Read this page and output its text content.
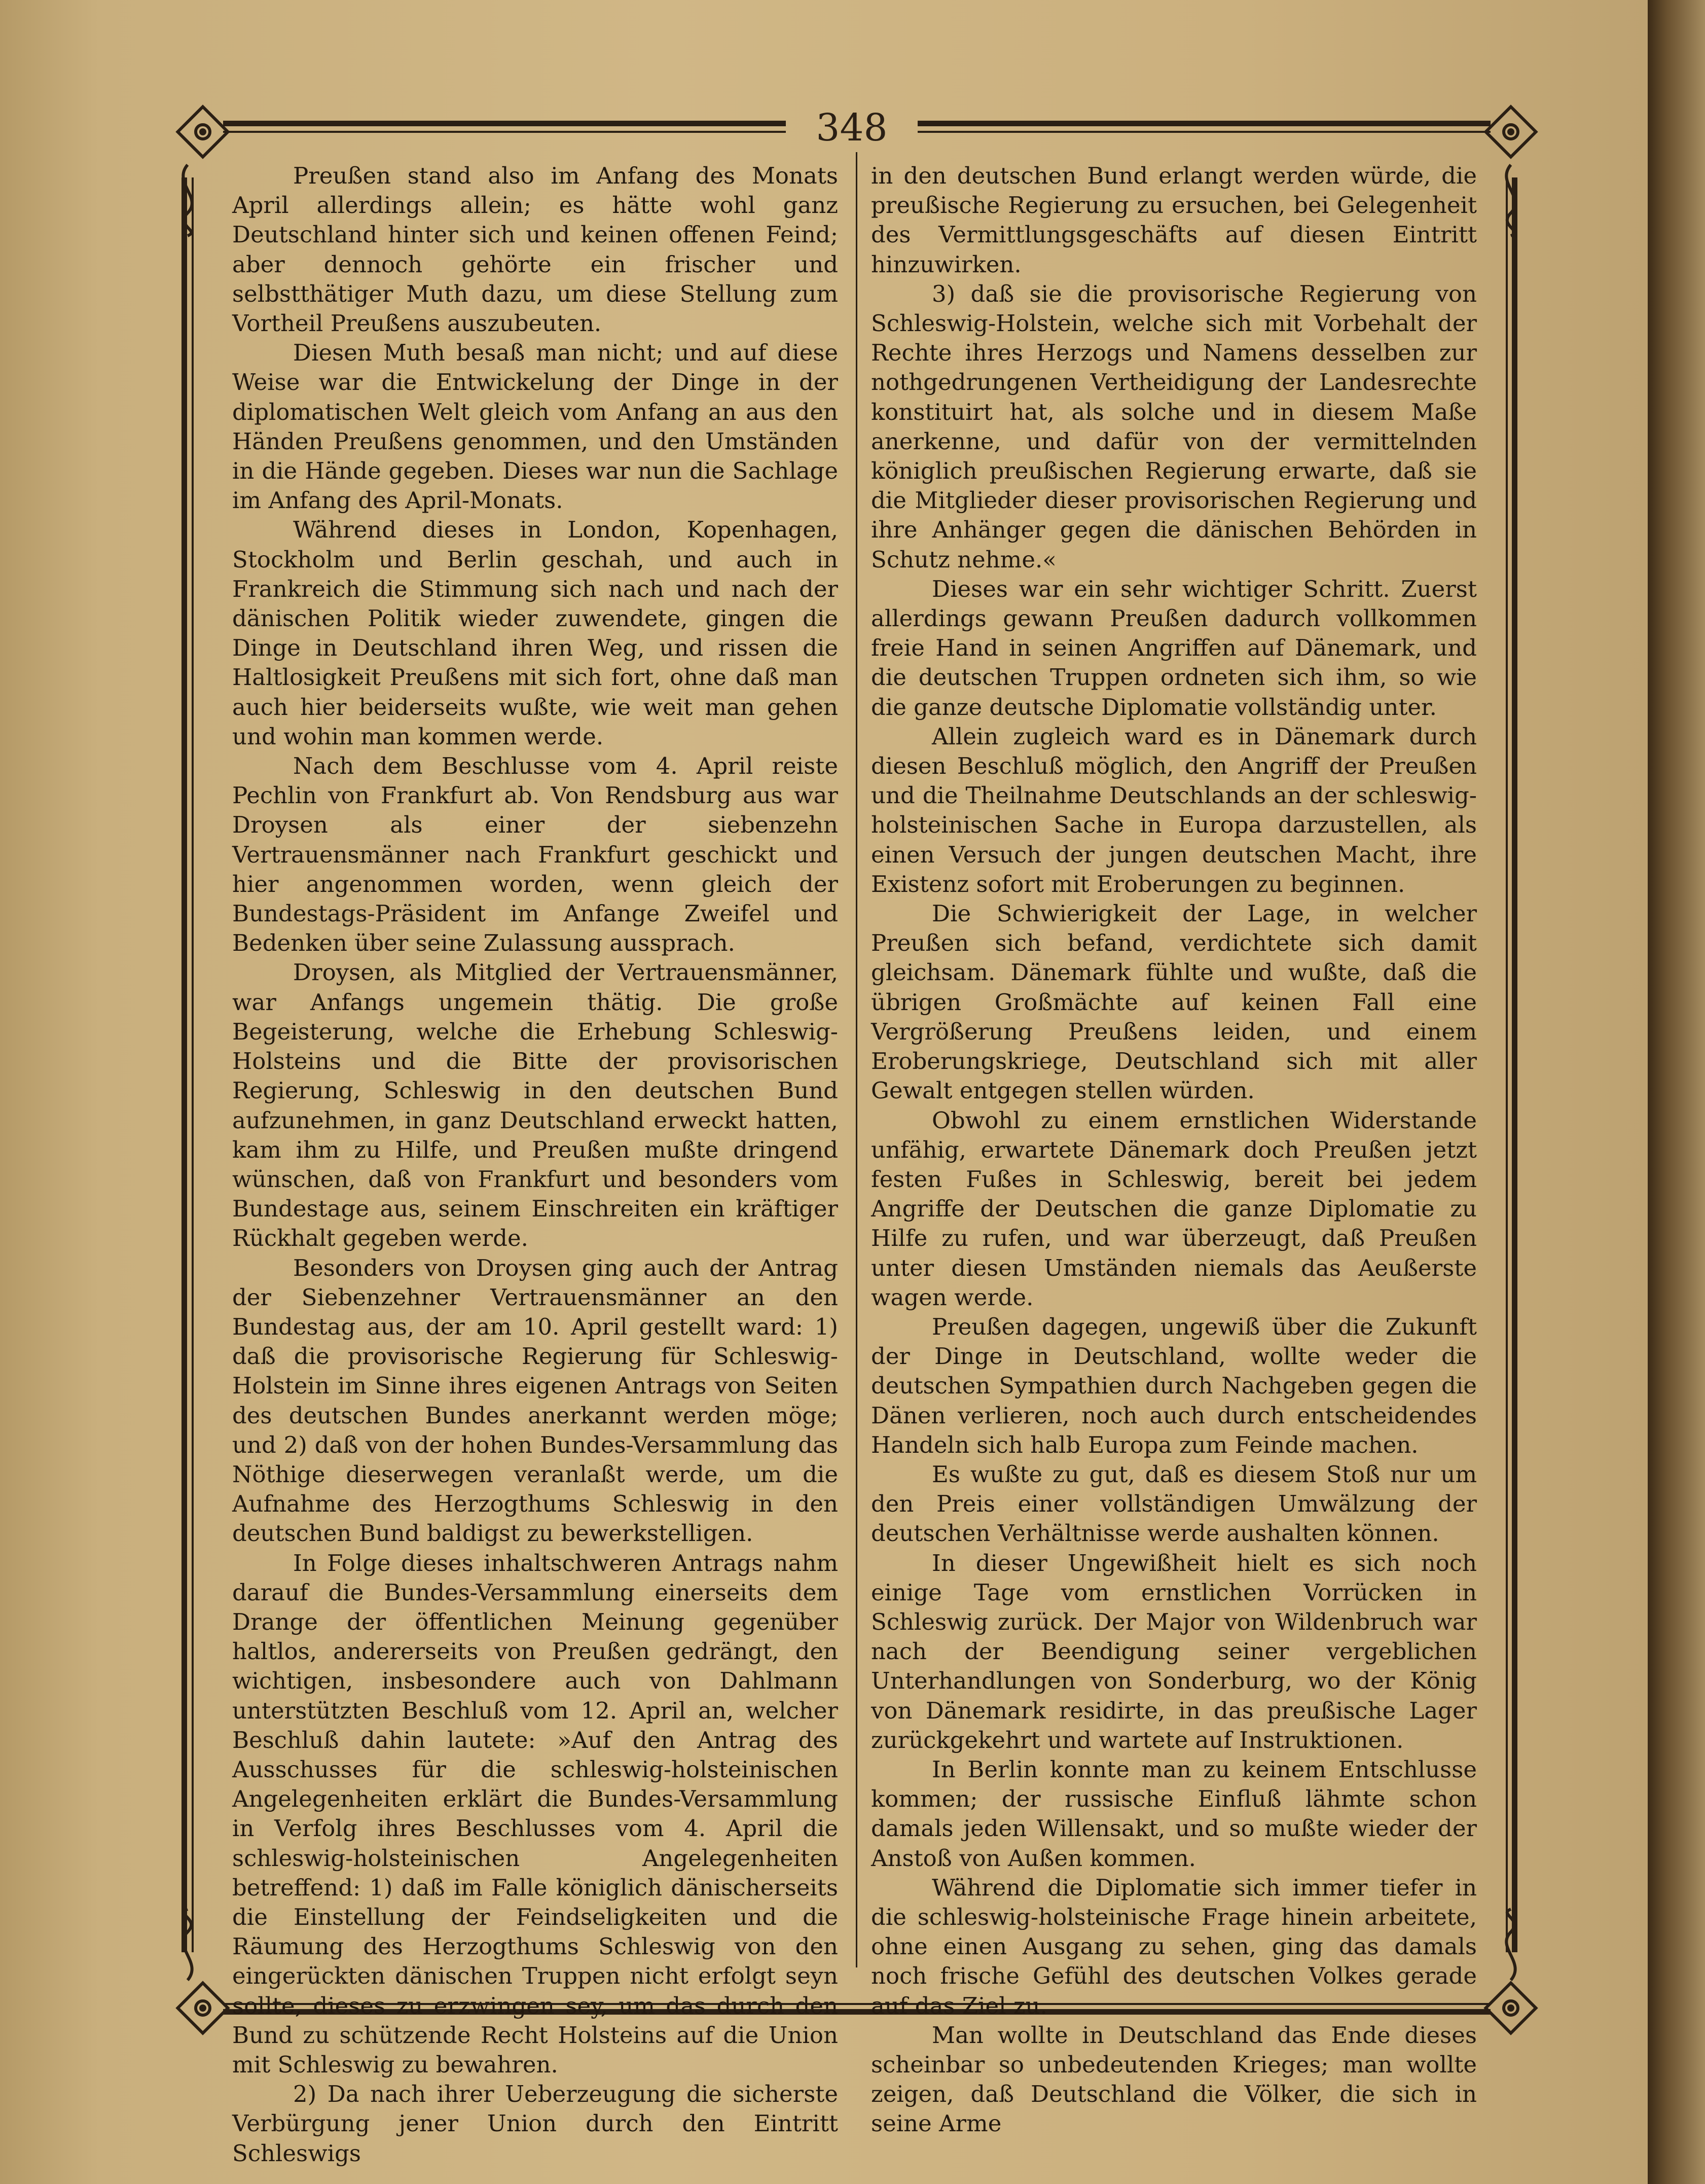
348

Preußen stand also im Anfang des Monats April allerdings allein; es hätte wohl ganz Deutschland hinter sich und keinen offenen Feind; aber dennoch gehörte ein frischer und selbstthätiger Muth dazu, um diese Stellung zum Vortheil Preußens auszubeuten.

Diesen Muth besaß man nicht; und auf diese Weise war die Entwickelung der Dinge in der diplomatischen Welt gleich vom Anfang an aus den Händen Preußens genommen, und den Umständen in die Hände gegeben. Dieses war nun die Sachlage im Anfang des April-Monats.

Während dieses in London, Kopenhagen, Stockholm und Berlin geschah, und auch in Frankreich die Stimmung sich nach und nach der dänischen Politik wieder zuwendete, gingen die Dinge in Deutschland ihren Weg, und rissen die Haltlosigkeit Preußens mit sich fort, ohne daß man auch hier beiderseits wußte, wie weit man gehen und wohin man kommen werde.

Nach dem Beschlusse vom 4. April reiste Pechlin von Frankfurt ab. Von Rendsburg aus war Droysen als einer der siebenzehn Vertrauensmänner nach Frankfurt geschickt und hier angenommen worden, wenn gleich der Bundestags-Präsident im Anfange Zweifel und Bedenken über seine Zulassung aussprach.

Droysen, als Mitglied der Vertrauensmänner, war Anfangs ungemein thätig. Die große Begeisterung, welche die Erhebung Schleswig-Holsteins und die Bitte der provisorischen Regierung, Schleswig in den deutschen Bund aufzunehmen, in ganz Deutschland erweckt hatten, kam ihm zu Hilfe, und Preußen mußte dringend wünschen, daß von Frankfurt und besonders vom Bundestage aus, seinem Einschreiten ein kräftiger Rückhalt gegeben werde.

Besonders von Droysen ging auch der Antrag der Siebenzehner Vertrauensmänner an den Bundestag aus, der am 10. April gestellt ward: 1) daß die provisorische Regierung für Schleswig-Holstein im Sinne ihres eigenen Antrags von Seiten des deutschen Bundes anerkannt werden möge; und 2) daß von der hohen Bundes-Versammlung das Nöthige dieserwegen veranlaßt werde, um die Aufnahme des Herzogthums Schleswig in den deutschen Bund baldigst zu bewerkstelligen.

In Folge dieses inhaltschweren Antrags nahm darauf die Bundes-Versammlung einerseits dem Drange der öffentlichen Meinung gegenüber haltlos, andererseits von Preußen gedrängt, den wichtigen, insbesondere auch von Dahlmann unterstützten Beschluß vom 12. April an, welcher Beschluß dahin lautete: »Auf den Antrag des Ausschusses für die schleswig-holsteinischen Angelegenheiten erklärt die Bundes-Versammlung in Verfolg ihres Beschlusses vom 4. April die schleswig-holsteinischen Angelegenheiten betreffend: 1) daß im Falle königlich dänischerseits die Einstellung der Feindseligkeiten und die Räumung des Herzogthums Schleswig von den eingerückten dänischen Truppen nicht erfolgt seyn sollte, dieses zu erzwingen sey, um das durch den Bund zu schützende Recht Holsteins auf die Union mit Schleswig zu bewahren.

2) Da nach ihrer Ueberzeugung die sicherste Verbürgung jener Union durch den Eintritt Schleswigs

in den deutschen Bund erlangt werden würde, die preußische Regierung zu ersuchen, bei Gelegenheit des Vermittlungsgeschäfts auf diesen Eintritt hinzuwirken.

3) daß sie die provisorische Regierung von Schleswig-Holstein, welche sich mit Vorbehalt der Rechte ihres Herzogs und Namens desselben zur nothgedrungenen Vertheidigung der Landesrechte konstituirt hat, als solche und in diesem Maße anerkenne, und dafür von der vermittelnden königlich preußischen Regierung erwarte, daß sie die Mitglieder dieser provisorischen Regierung und ihre Anhänger gegen die dänischen Behörden in Schutz nehme.«

Dieses war ein sehr wichtiger Schritt. Zuerst allerdings gewann Preußen dadurch vollkommen freie Hand in seinen Angriffen auf Dänemark, und die deutschen Truppen ordneten sich ihm, so wie die ganze deutsche Diplomatie vollständig unter.

Allein zugleich ward es in Dänemark durch diesen Beschluß möglich, den Angriff der Preußen und die Theilnahme Deutschlands an der schleswig-holsteinischen Sache in Europa darzustellen, als einen Versuch der jungen deutschen Macht, ihre Existenz sofort mit Eroberungen zu beginnen.

Die Schwierigkeit der Lage, in welcher Preußen sich befand, verdichtete sich damit gleichsam. Dänemark fühlte und wußte, daß die übrigen Großmächte auf keinen Fall eine Vergrößerung Preußens leiden, und einem Eroberungskriege, Deutschland sich mit aller Gewalt entgegen stellen würden.

Obwohl zu einem ernstlichen Widerstande unfähig, erwartete Dänemark doch Preußen jetzt festen Fußes in Schleswig, bereit bei jedem Angriffe der Deutschen die ganze Diplomatie zu Hilfe zu rufen, und war überzeugt, daß Preußen unter diesen Umständen niemals das Aeußerste wagen werde.

Preußen dagegen, ungewiß über die Zukunft der Dinge in Deutschland, wollte weder die deutschen Sympathien durch Nachgeben gegen die Dänen verlieren, noch auch durch entscheidendes Handeln sich halb Europa zum Feinde machen.

Es wußte zu gut, daß es diesem Stoß nur um den Preis einer vollständigen Umwälzung der deutschen Verhältnisse werde aushalten können.

In dieser Ungewißheit hielt es sich noch einige Tage vom ernstlichen Vorrücken in Schleswig zurück. Der Major von Wildenbruch war nach der Beendigung seiner vergeblichen Unterhandlungen von Sonderburg, wo der König von Dänemark residirte, in das preußische Lager zurückgekehrt und wartete auf Instruktionen.

In Berlin konnte man zu keinem Entschlusse kommen; der russische Einfluß lähmte schon damals jeden Willensakt, und so mußte wieder der Anstoß von Außen kommen.

Während die Diplomatie sich immer tiefer in die schleswig-holsteinische Frage hinein arbeitete, ohne einen Ausgang zu sehen, ging das damals noch frische Gefühl des deutschen Volkes gerade auf das Ziel zu.

Man wollte in Deutschland das Ende dieses scheinbar so unbedeutenden Krieges; man wollte zeigen, daß Deutschland die Völker, die sich in seine Arme
